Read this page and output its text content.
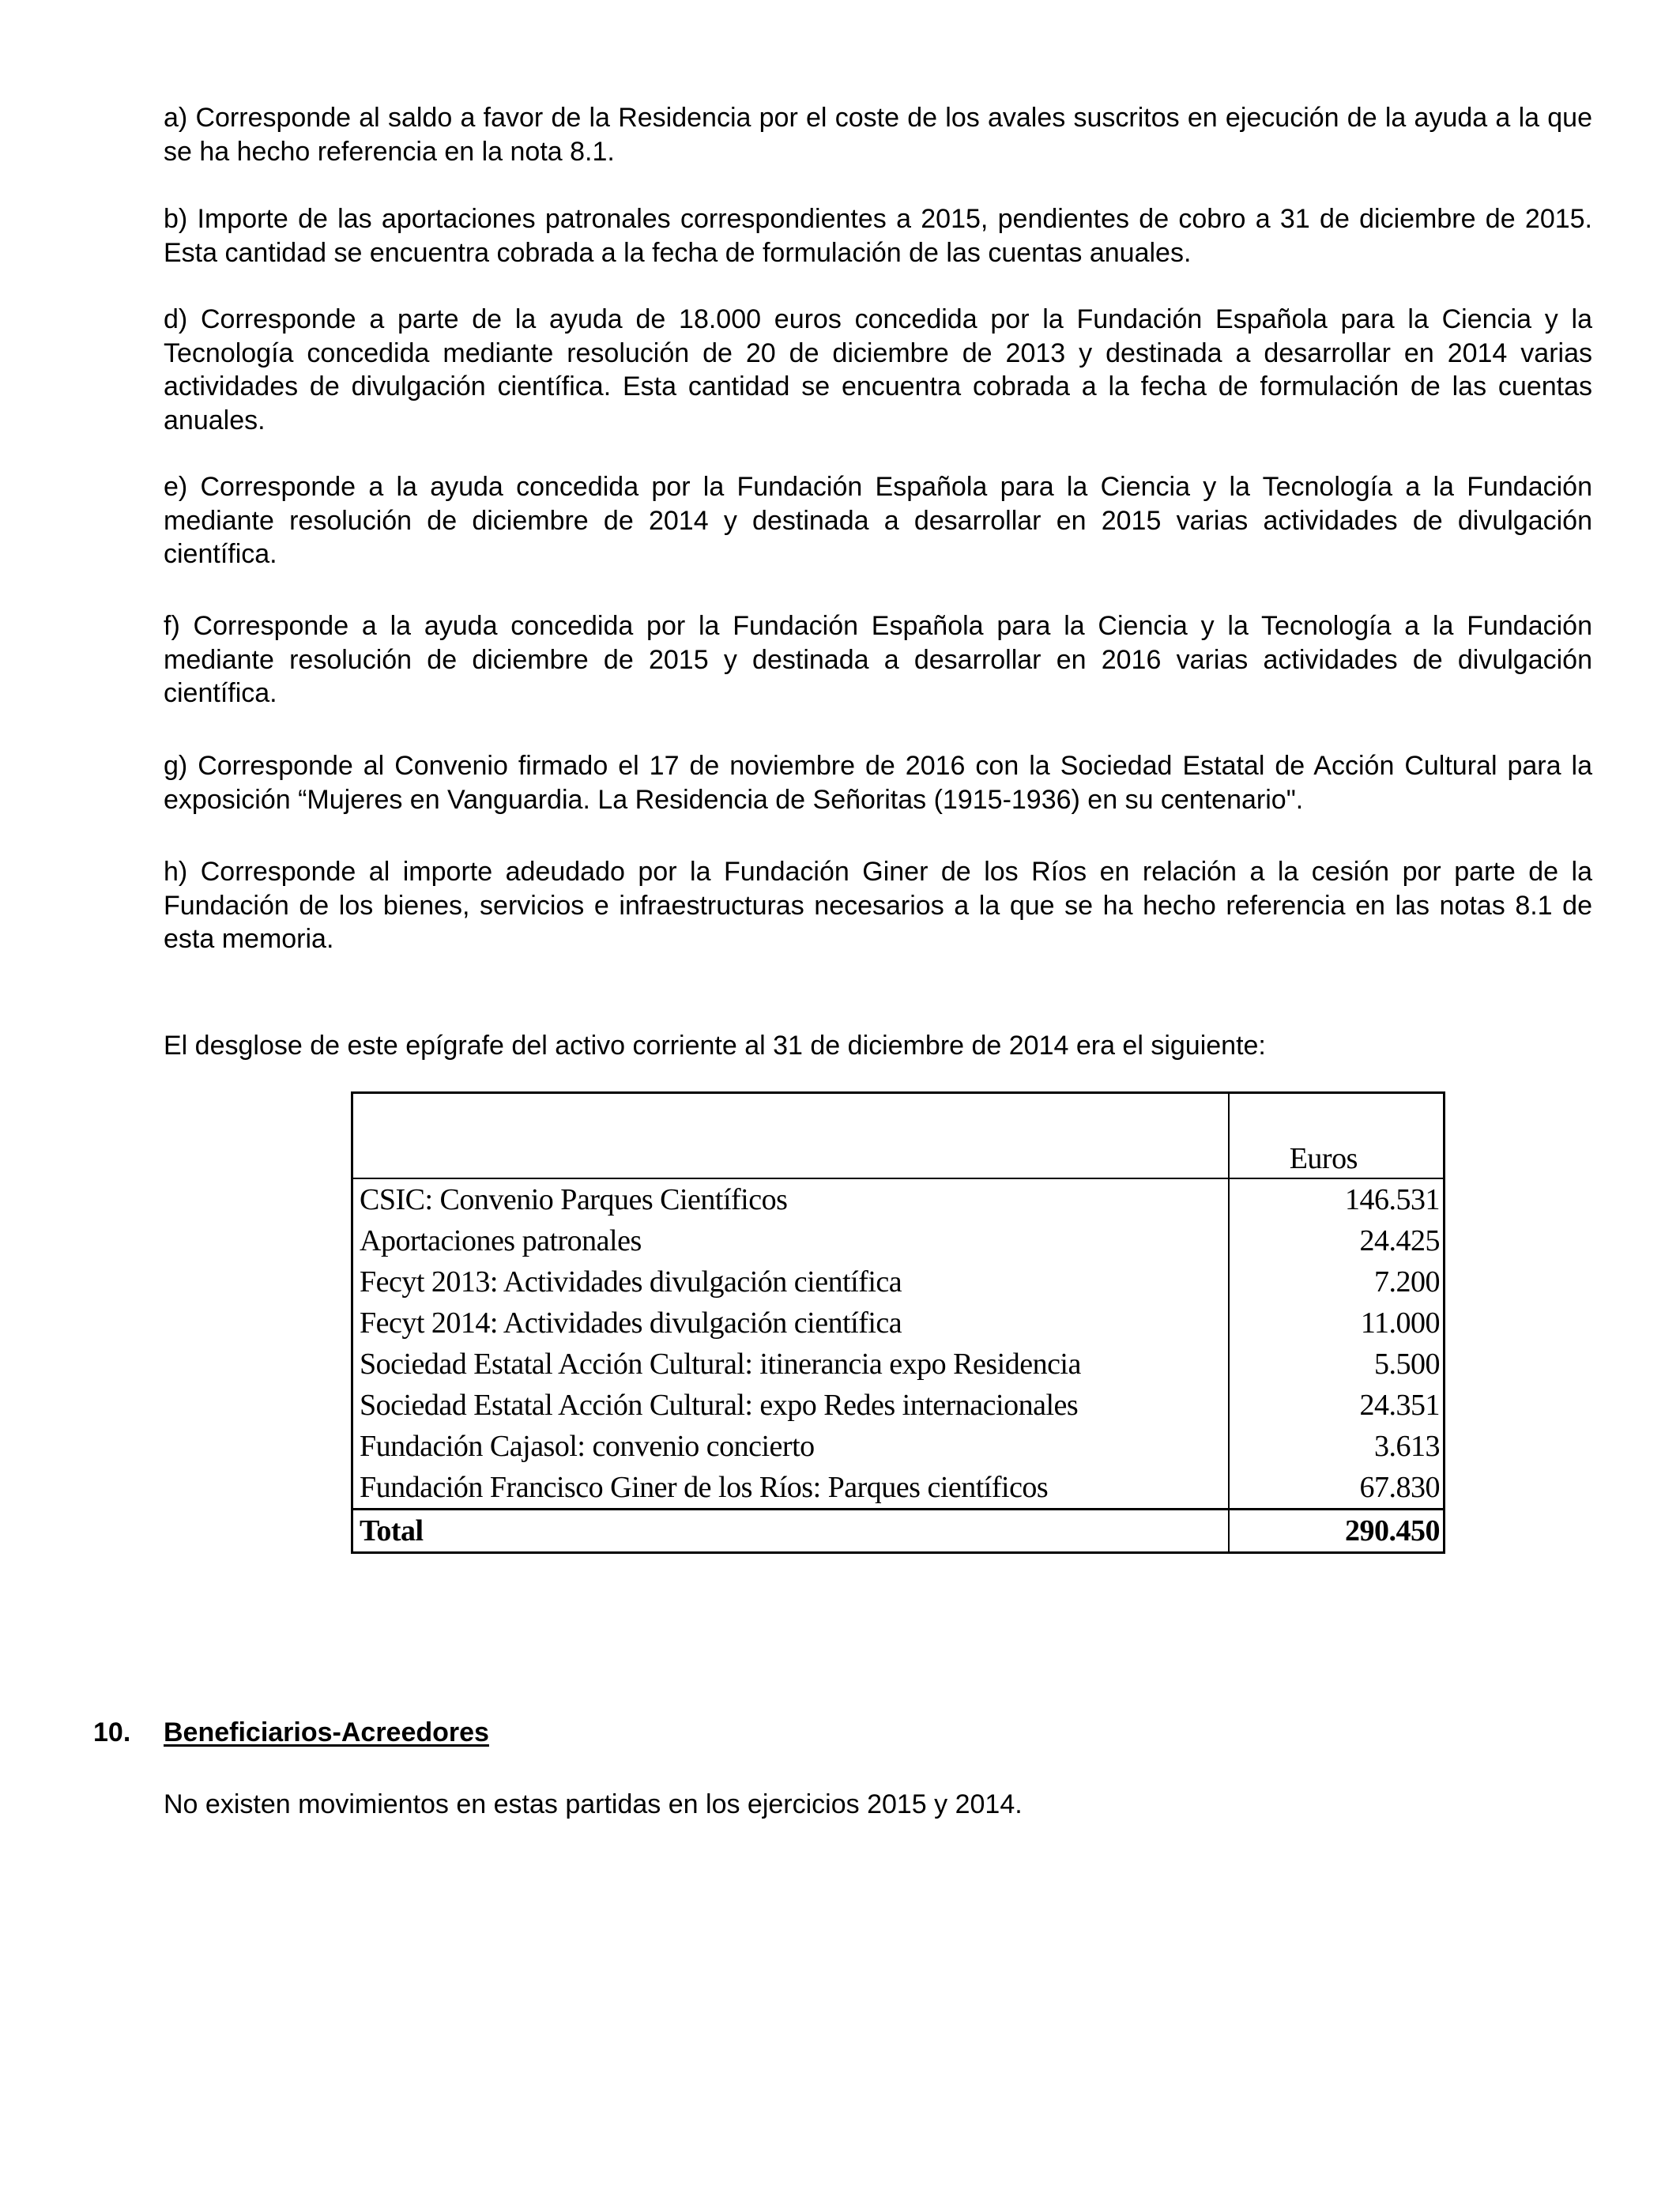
a) Corresponde al saldo a favor de la Residencia por el coste de los avales suscritos en ejecución de la ayuda a la que se ha hecho referencia en la nota 8.1.

b) Importe de las aportaciones patronales correspondientes a 2015, pendientes de cobro a 31 de diciembre de 2015. Esta cantidad se encuentra cobrada a la fecha de formulación de las cuentas anuales.

d) Corresponde a parte de la ayuda de 18.000 euros concedida por la Fundación Española para la Ciencia y la Tecnología concedida mediante resolución de 20 de diciembre de 2013 y destinada a desarrollar en 2014 varias actividades de divulgación científica. Esta cantidad se encuentra cobrada a la fecha de formulación de las cuentas anuales.

e) Corresponde a la ayuda concedida por la Fundación Española para la Ciencia y la Tecnología a la Fundación mediante resolución de diciembre de 2014 y destinada a desarrollar en 2015 varias actividades de divulgación científica.

f) Corresponde a la ayuda concedida por la Fundación Española para la Ciencia y la Tecnología a la Fundación mediante resolución de diciembre de 2015 y destinada a desarrollar en 2016 varias actividades de divulgación científica.

g) Corresponde al Convenio firmado el 17 de noviembre de 2016 con la Sociedad Estatal de Acción Cultural para la exposición “Mujeres en Vanguardia. La Residencia de Señoritas (1915-1936) en su centenario".

h) Corresponde al importe adeudado por la Fundación Giner de los Ríos en relación a la cesión por parte de la Fundación de los bienes, servicios e infraestructuras necesarios a la que se ha hecho referencia en las notas 8.1 de esta memoria.

El desglose de este epígrafe del activo corriente al 31 de diciembre de 2014 era el siguiente:

	Euros
CSIC: Convenio Parques Científicos	146.531
Aportaciones patronales	24.425
Fecyt 2013: Actividades divulgación científica	7.200
Fecyt 2014: Actividades divulgación científica	11.000
Sociedad Estatal Acción Cultural: itinerancia expo Residencia	5.500
Sociedad Estatal Acción Cultural: expo Redes internacionales	24.351
Fundación Cajasol: convenio concierto	3.613
Fundación Francisco Giner de los Ríos: Parques científicos	67.830
Total	290.450

10. Beneficiarios-Acreedores

No existen movimientos en estas partidas en los ejercicios 2015 y 2014.
